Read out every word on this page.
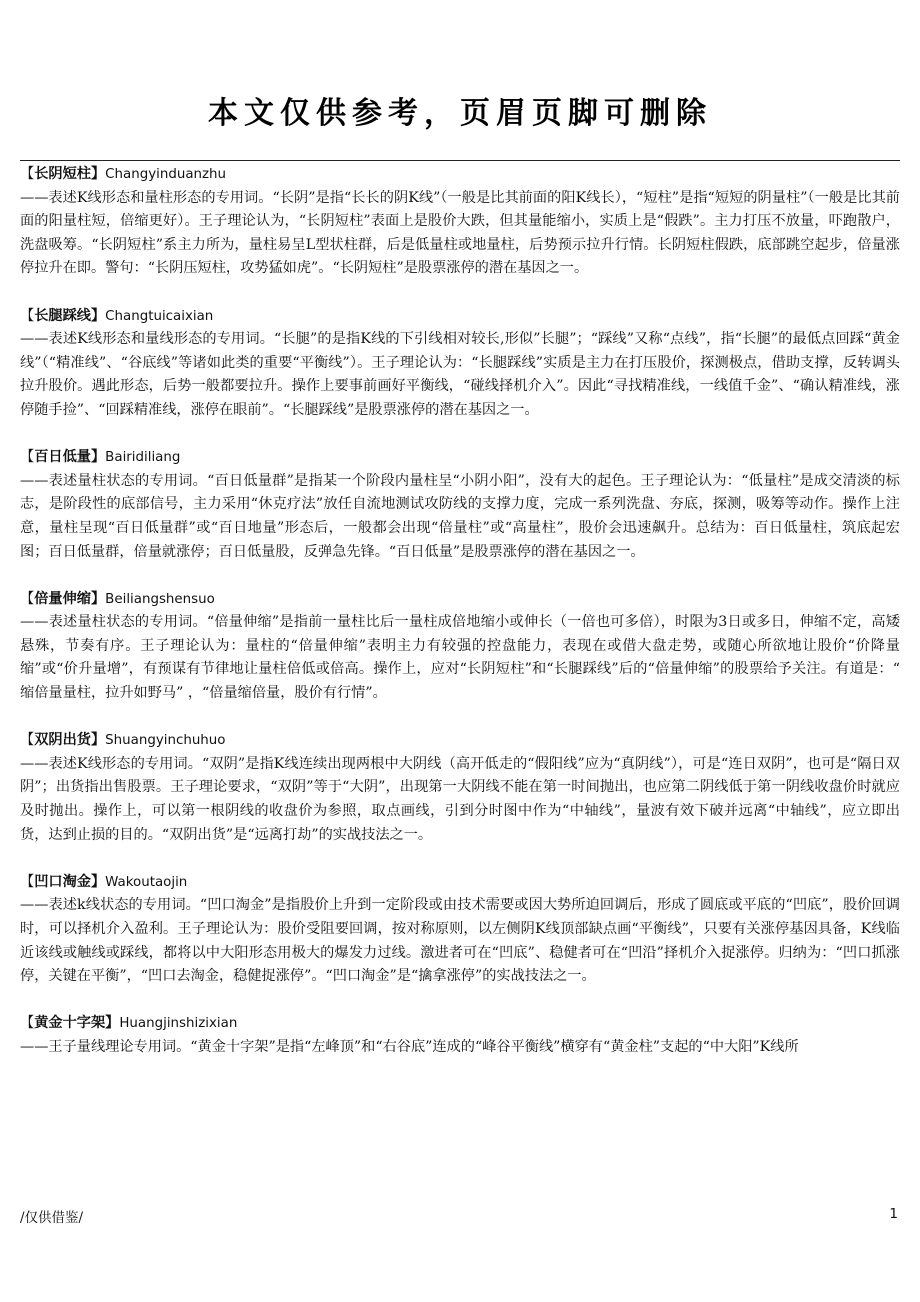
本文仅供参考，页眉页脚可删除
【长阴短柱】Changyinduanzhu
——表述K线形态和量柱形态的专用词。“长阴”是指“长长的阴K线”（一般是比其前面的阳K线长），“短柱”是指“短短的阴量柱”（一般是比其前面的阳量柱短，倍缩更好）。王子理论认为，“长阴短柱”表面上是股价大跌，但其量能缩小，实质上是“假跌”。主力打压不放量，吓跑散户，洗盘吸筹。“长阴短柱”系主力所为，量柱易呈L型状柱群，后是低量柱或地量柱，后势预示拉升行情。长阴短柱假跌，底部跳空起步，倍量涨停拉升在即。警句：“长阴压短柱，攻势猛如虎”。“长阴短柱”是股票涨停的潜在基因之一。
【长腿踩线】Changtuicaixian
——表述K线形态和量线形态的专用词。“长腿”的是指K线的下引线相对较长,形似”长腿”；“踩线”又称“点线”，指“长腿”的最低点回踩“黄金线”（“精准线”、“谷底线”等诸如此类的重要“平衡线”）。王子理论认为：“长腿踩线”实质是主力在打压股价，探测极点，借助支撑，反转调头拉升股价。遇此形态，后势一般都要拉升。操作上要事前画好平衡线，“碰线择机介入”。因此“寻找精准线，一线值千金”、“确认精准线，涨停随手捡”、“回踩精准线，涨停在眼前”。“长腿踩线”是股票涨停的潜在基因之一。
【百日低量】Bairidiliang
——表述量柱状态的专用词。“百日低量群”是指某一个阶段内量柱呈“小阴小阳”，没有大的起色。王子理论认为：“低量柱”是成交清淡的标志，是阶段性的底部信号，主力采用“休克疗法”放任自流地测试攻防线的支撑力度，完成一系列洗盘、夯底，探测，吸筹等动作。操作上注意，量柱呈现“百日低量群”或“百日地量”形态后，一般都会出现“倍量柱”或“高量柱”，股价会迅速飙升。总结为：百日低量柱，筑底起宏图；百日低量群，倍量就涨停；百日低量股，反弹急先锋。“百日低量”是股票涨停的潜在基因之一。
【倍量伸缩】Beiliangshensuo
——表述量柱状态的专用词。“倍量伸缩”是指前一量柱比后一量柱成倍地缩小或伸长（一倍也可多倍），时限为3日或多日，伸缩不定，高矮悬殊，节奏有序。王子理论认为：量柱的“倍量伸缩”表明主力有较强的控盘能力，表现在或借大盘走势，或随心所欲地让股价“价降量缩”或“价升量增”，有预谋有节律地让量柱倍低或倍高。操作上，应对“长阴短柱”和“长腿踩线”后的“倍量伸缩”的股票给予关注。有道是：“ 缩倍量量柱，拉升如野马” ，“倍量缩倍量，股价有行情”。
【双阴出货】Shuangyinchuhuo
——表述K线形态的专用词。“双阴”是指K线连续出现两根中大阴线（高开低走的“假阳线”应为“真阴线”），可是“连日双阴”，也可是“隔日双阴”；出货指出售股票。王子理论要求，“双阴”等于“大阴”，出现第一大阴线不能在第一时间抛出，也应第二阴线低于第一阴线收盘价时就应及时抛出。操作上，可以第一根阴线的收盘价为参照，取点画线，引到分时图中作为“中轴线”，量波有效下破并远离“中轴线”，应立即出货，达到止损的目的。“双阴出货”是“远离打劫”的实战技法之一。
【凹口淘金】Wakoutaojin
——表述k线状态的专用词。“凹口淘金”是指股价上升到一定阶段或由技术需要或因大势所迫回调后，形成了圆底或平底的“凹底”，股价回调时，可以择机介入盈利。王子理论认为：股价受阻要回调，按对称原则，以左侧阴K线顶部缺点画“平衡线”，只要有关涨停基因具备，K线临近该线或触线或踩线，都将以中大阳形态用极大的爆发力过线。激进者可在“凹底”、稳健者可在“凹沿”择机介入捉涨停。归纳为：“凹口抓涨停，关键在平衡”，“凹口去淘金，稳健捉涨停”。“凹口淘金”是“擒拿涨停”的实战技法之一。
【黄金十字架】Huangjinshizixian
——王子量线理论专用词。“黄金十字架”是指“左峰顶”和“右谷底”连成的“峰谷平衡线”横穿有“黄金柱”支起的“中大阳”K线所
/仅供借鉴/	1
